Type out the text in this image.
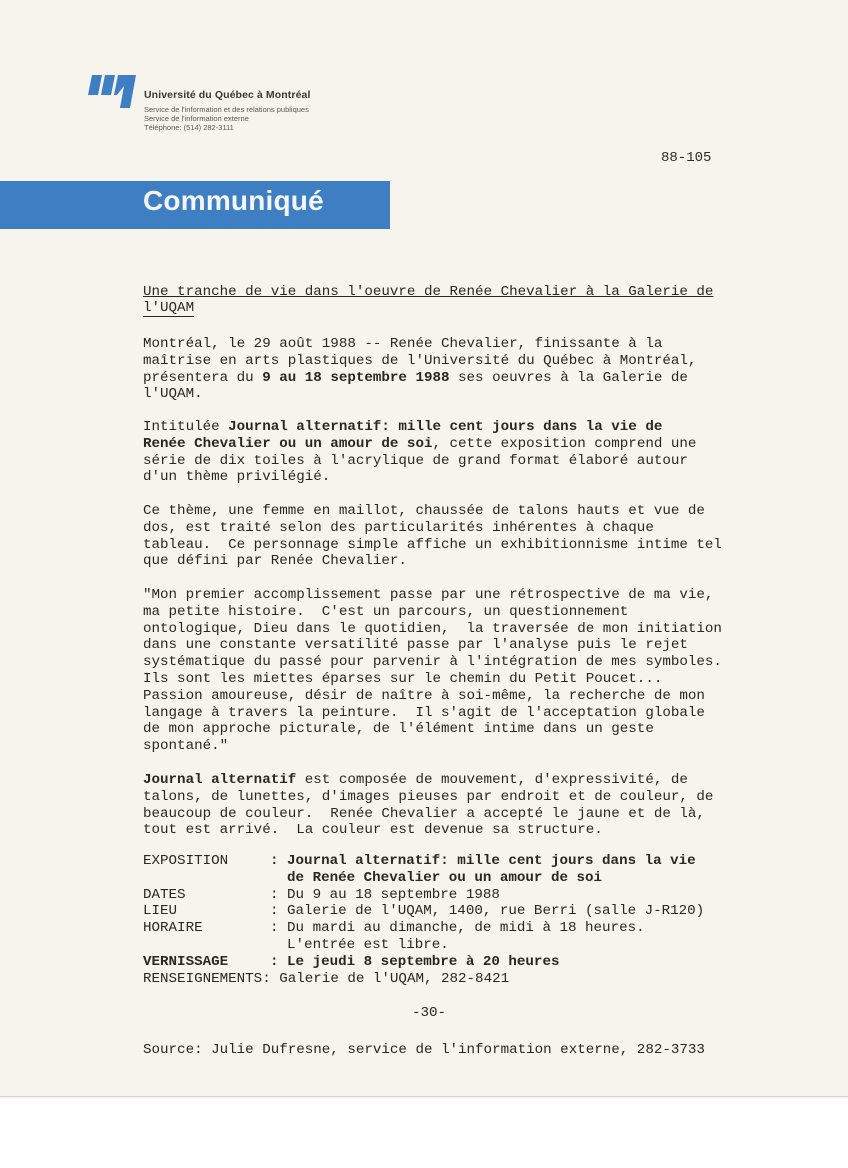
Université du Québec à Montréal
Service de l'information et des relations publiques
Service de l'information externe
Téléphone: (514) 282-3111
88-105
Communiqué
Une tranche de vie dans l'oeuvre de Renée Chevalier à la Galerie de
l'UQAM
Montréal, le 29 août 1988 -- Renée Chevalier, finissante à la
maîtrise en arts plastiques de l'Université du Québec à Montréal,
présentera du 9 au 18 septembre 1988 ses oeuvres à la Galerie de
l'UQAM.
Intitulée Journal alternatif: mille cent jours dans la vie de
Renée Chevalier ou un amour de soi, cette exposition comprend une
série de dix toiles à l'acrylique de grand format élaboré autour
d'un thème privilégié.
Ce thème, une femme en maillot, chaussée de talons hauts et vue de
dos, est traité selon des particularités inhérentes à chaque
tableau.  Ce personnage simple affiche un exhibitionnisme intime tel
que défini par Renée Chevalier.
"Mon premier accomplissement passe par une rétrospective de ma vie,
ma petite histoire.  C'est un parcours, un questionnement
ontologique, Dieu dans le quotidien,  la traversée de mon initiation
dans une constante versatilité passe par l'analyse puis le rejet
systématique du passé pour parvenir à l'intégration de mes symboles.
Ils sont les miettes éparses sur le chemin du Petit Poucet...
Passion amoureuse, désir de naître à soi-même, la recherche de mon
langage à travers la peinture.  Il s'agit de l'acceptation globale
de mon approche picturale, de l'élément intime dans un geste
spontané."
Journal alternatif est composée de mouvement, d'expressivité, de
talons, de lunettes, d'images pieuses par endroit et de couleur, de
beaucoup de couleur.  Renée Chevalier a accepté le jaune et de là,
tout est arrivé.  La couleur est devenue sa structure.
EXPOSITION	: Journal alternatif: mille cent jours dans la vie
de Renée Chevalier ou un amour de soi
DATES	: Du 9 au 18 septembre 1988
LIEU	: Galerie de l'UQAM, 1400, rue Berri (salle J-R120)
HORAIRE	: Du mardi au dimanche, de midi à 18 heures.
L'entrée est libre.
VERNISSAGE	: Le jeudi 8 septembre à 20 heures
RENSEIGNEMENTS : Galerie de l'UQAM, 282-8421
-30-
Source: Julie Dufresne, service de l'information externe, 282-3733
